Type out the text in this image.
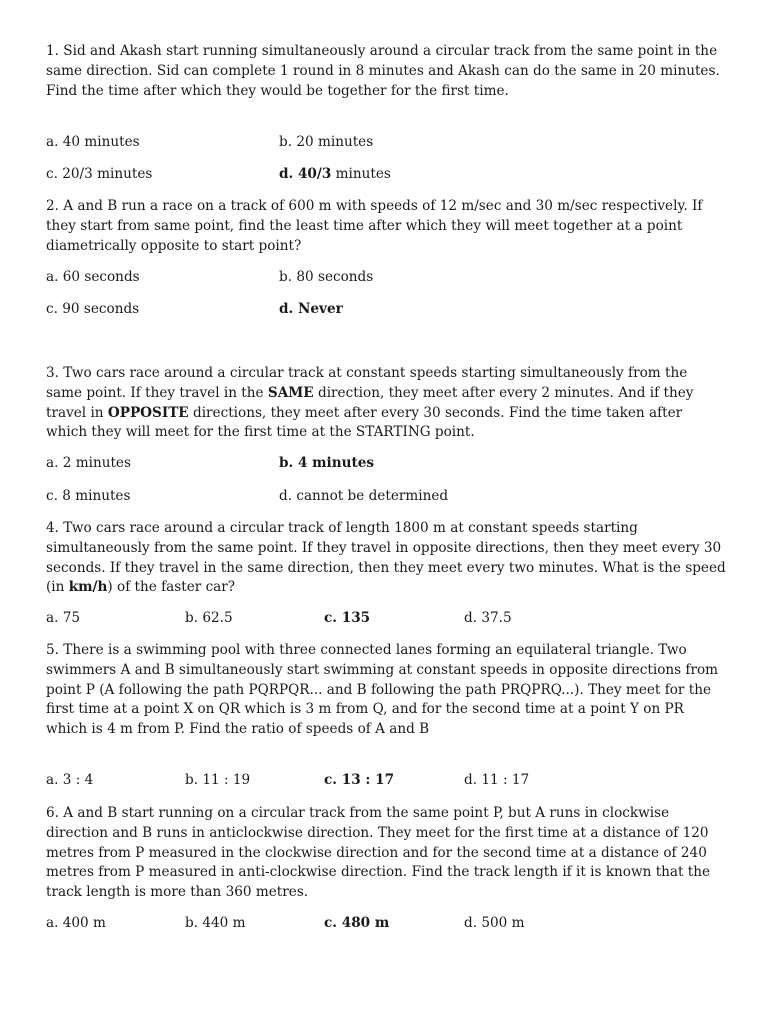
1. Sid and Akash start running simultaneously around a circular track from the same point in the same direction. Sid can complete 1 round in 8 minutes and Akash can do the same in 20 minutes. Find the time after which they would be together for the first time.

a. 40 minutes	b. 20 minutes
c. 20/3 minutes	d. 40/3 minutes

2. A and B run a race on a track of 600 m with speeds of 12 m/sec and 30 m/sec respectively. If they start from same point, find the least time after which they will meet together at a point diametrically opposite to start point?

a. 60 seconds	b. 80 seconds
c. 90 seconds	d. Never

3. Two cars race around a circular track at constant speeds starting simultaneously from the same point. If they travel in the SAME direction, they meet after every 2 minutes. And if they travel in OPPOSITE directions, they meet after every 30 seconds. Find the time taken after which they will meet for the first time at the STARTING point.

a. 2 minutes	b. 4 minutes
c. 8 minutes	d. cannot be determined

4. Two cars race around a circular track of length 1800 m at constant speeds starting simultaneously from the same point. If they travel in opposite directions, then they meet every 30 seconds. If they travel in the same direction, then they meet every two minutes. What is the speed (in km/h) of the faster car?

a. 75	b. 62.5	c. 135	d. 37.5

5. There is a swimming pool with three connected lanes forming an equilateral triangle. Two swimmers A and B simultaneously start swimming at constant speeds in opposite directions from point P (A following the path PQRPQR... and B following the path PRQPRQ...). They meet for the first time at a point X on QR which is 3 m from Q, and for the second time at a point Y on PR which is 4 m from P. Find the ratio of speeds of A and B

a. 3 : 4	b. 11 : 19	c. 13 : 17	d. 11 : 17

6. A and B start running on a circular track from the same point P, but A runs in clockwise direction and B runs in anticlockwise direction. They meet for the first time at a distance of 120 metres from P measured in the clockwise direction and for the second time at a distance of 240 metres from P measured in anti-clockwise direction. Find the track length if it is known that the track length is more than 360 metres.

a. 400 m	b. 440 m	c. 480 m	d. 500 m
